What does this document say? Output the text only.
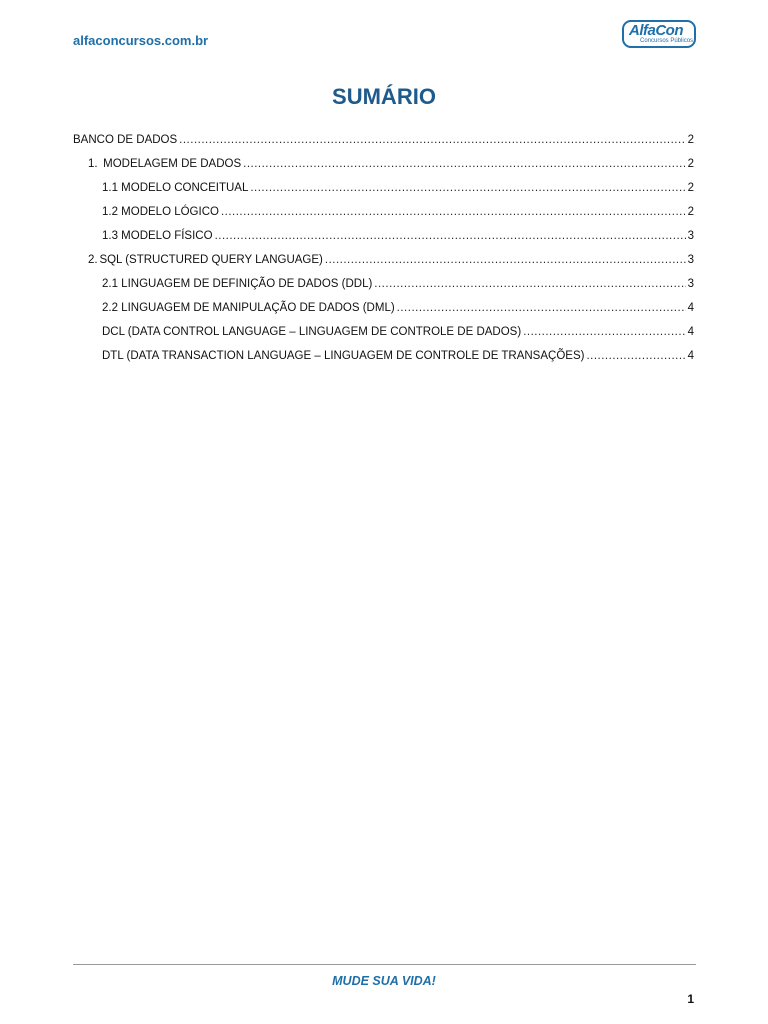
alfaconcursos.com.br
AlfaCon
Concursos Públicos
SUMÁRIO
BANCO DE DADOS .....	2
1. MODELAGEM DE DADOS .....	2
1.1 MODELO CONCEITUAL .....	2
1.2 MODELO LÓGICO .....	2
1.3 MODELO FÍSICO .....	3
2. SQL (STRUCTURED QUERY LANGUAGE) .....	3
2.1 LINGUAGEM DE DEFINIÇÃO DE DADOS (DDL) .....	3
2.2 LINGUAGEM DE MANIPULAÇÃO DE DADOS (DML) .....	4
DCL (DATA CONTROL LANGUAGE – LINGUAGEM DE CONTROLE DE DADOS) .....	4
DTL (DATA TRANSACTION LANGUAGE – LINGUAGEM DE CONTROLE DE TRANSAÇÕES) .....	4
MUDE SUA VIDA!
1
